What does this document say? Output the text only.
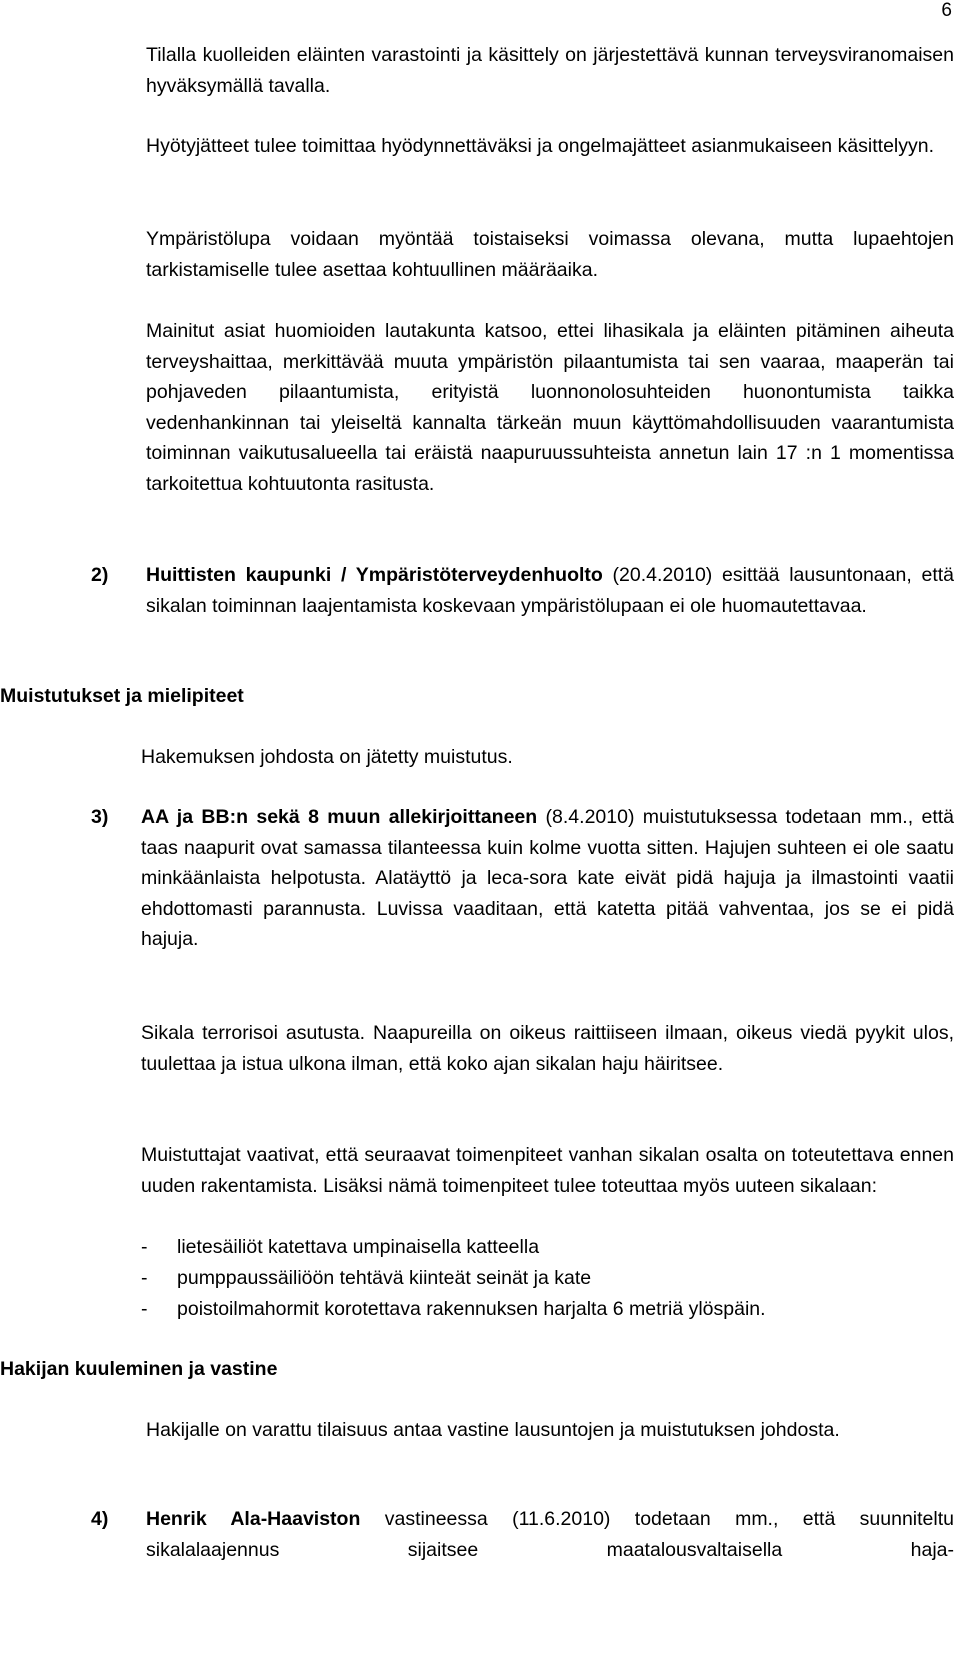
6

Tilalla kuolleiden eläinten varastointi ja käsittely on järjestettävä kunnan terveysviranomaisen hyväksymällä tavalla.

Hyötyjätteet tulee toimittaa hyödynnettäväksi ja ongelmajätteet asianmukaiseen käsittelyyn.

Ympäristölupa voidaan myöntää toistaiseksi voimassa olevana, mutta lupaehtojen tarkistamiselle tulee asettaa kohtuullinen määräaika.

Mainitut asiat huomioiden lautakunta katsoo, ettei lihasikala ja eläinten pitäminen aiheuta terveyshaittaa, merkittävää muuta ympäristön pilaantumista tai sen vaaraa, maaperän tai pohjaveden pilaantumista, erityistä luonnonolosuhteiden huonontumista taikka vedenhankinnan tai yleiseltä kannalta tärkeän muun käyttömahdollisuuden vaarantumista toiminnan vaikutusalueella tai eräistä naapuruussuhteista annetun lain 17 :n 1 momentissa tarkoitettua kohtuutonta rasitusta.

2) Huittisten kaupunki / Ympäristöterveydenhuolto (20.4.2010) esittää lausuntonaan, että sikalan toiminnan laajentamista koskevaan ympäristölupaan ei ole huomautettavaa.

Muistutukset ja mielipiteet

Hakemuksen johdosta on jätetty muistutus.

3) AA ja BB:n sekä 8 muun allekirjoittaneen (8.4.2010) muistutuksessa todetaan mm., että taas naapurit ovat samassa tilanteessa kuin kolme vuotta sitten. Hajujen suhteen ei ole saatu minkäänlaista helpotusta. Alatäyttö ja leca-sora kate eivät pidä hajuja ja ilmastointi vaatii ehdottomasti parannusta. Luvissa vaaditaan, että katetta pitää vahventaa, jos se ei pidä hajuja.

Sikala terrorisoi asutusta. Naapureilla on oikeus raittiiseen ilmaan, oikeus viedä pyykit ulos, tuulettaa ja istua ulkona ilman, että koko ajan sikalan haju häiritsee.

Muistuttajat vaativat, että seuraavat toimenpiteet vanhan sikalan osalta on toteutettava ennen uuden rakentamista. Lisäksi nämä toimenpiteet tulee toteuttaa myös uuteen sikalaan:

- lietesäiliöt katettava umpinaisella katteella
- pumppaussäiliöön tehtävä kiinteät seinät ja kate
- poistoilmahormit korotettava rakennuksen harjalta 6 metriä ylöspäin.
Hakijan kuuleminen ja vastine

Hakijalle on varattu tilaisuus antaa vastine lausuntojen ja muistutuksen johdosta.

4) Henrik Ala-Haaviston vastineessa (11.6.2010) todetaan mm., että suunniteltu sikalalaajennus sijaitsee maatalousvaltaisella haja-
